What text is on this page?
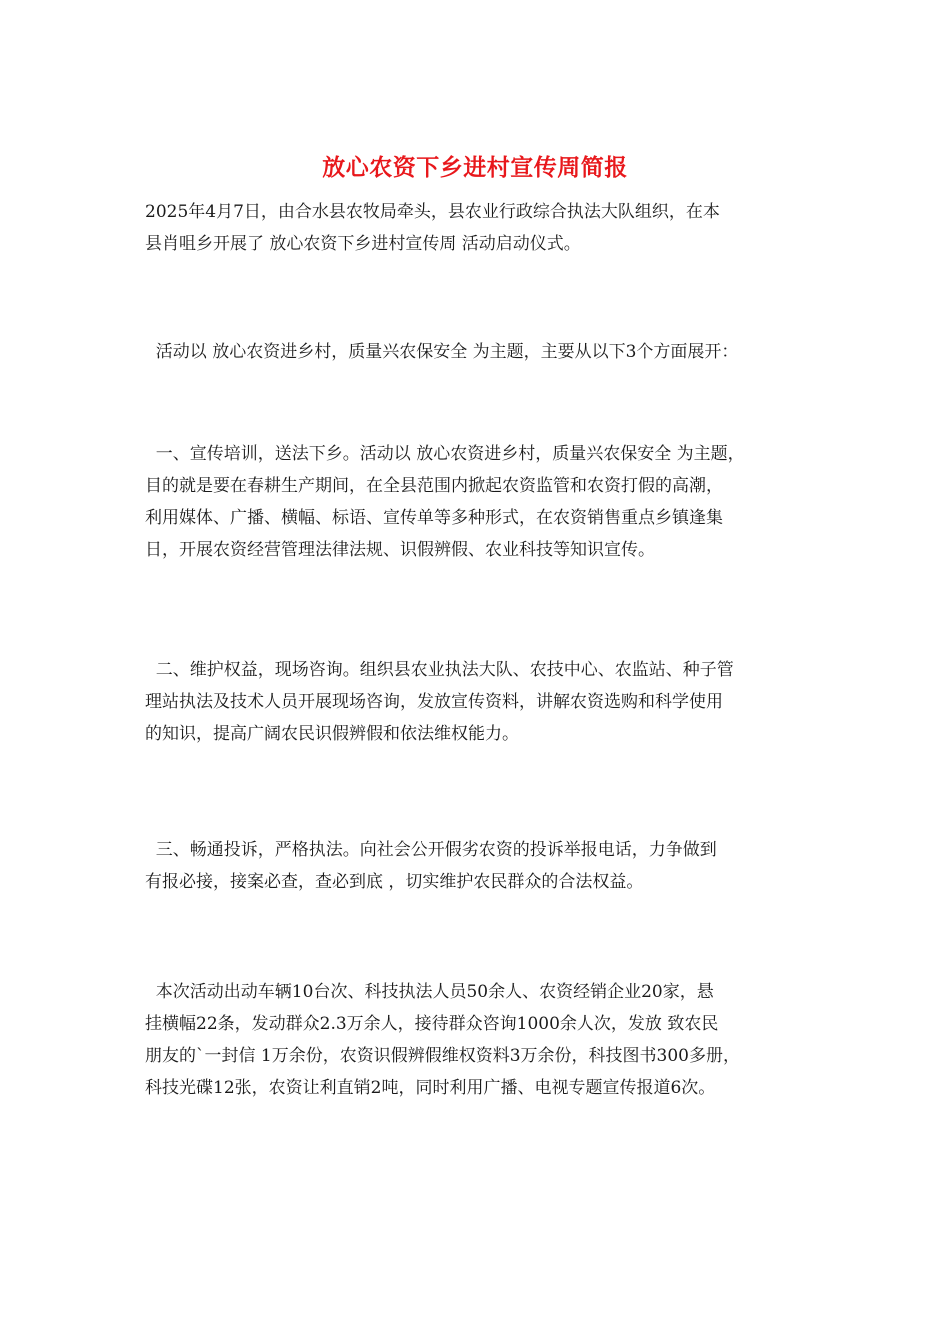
放心农资下乡进村宣传周简报
2025年4月7日，由合水县农牧局牵头，县农业行政综合执法大队组织，在本
县肖咀乡开展了 放心农资下乡进村宣传周 活动启动仪式。
活动以 放心农资进乡村，质量兴农保安全 为主题，主要从以下3个方面展开：
一、宣传培训，送法下乡。活动以 放心农资进乡村，质量兴农保安全 为主题，
目的就是要在春耕生产期间，在全县范围内掀起农资监管和农资打假的高潮，
利用媒体、广播、横幅、标语、宣传单等多种形式，在农资销售重点乡镇逢集
日，开展农资经营管理法律法规、识假辨假、农业科技等知识宣传。
二、维护权益，现场咨询。组织县农业执法大队、农技中心、农监站、种子管
理站执法及技术人员开展现场咨询，发放宣传资料，讲解农资选购和科学使用
的知识，提高广阔农民识假辨假和依法维权能力。
三、畅通投诉，严格执法。向社会公开假劣农资的投诉举报电话，力争做到
有报必接，接案必查，查必到底 ，切实维护农民群众的合法权益。
本次活动出动车辆10台次、科技执法人员50余人、农资经销企业20家，悬
挂横幅22条，发动群众2.3万余人，接待群众咨询1000余人次，发放 致农民
朋友的`一封信 1万余份，农资识假辨假维权资料3万余份，科技图书300多册，
科技光碟12张，农资让利直销2吨，同时利用广播、电视专题宣传报道6次。
